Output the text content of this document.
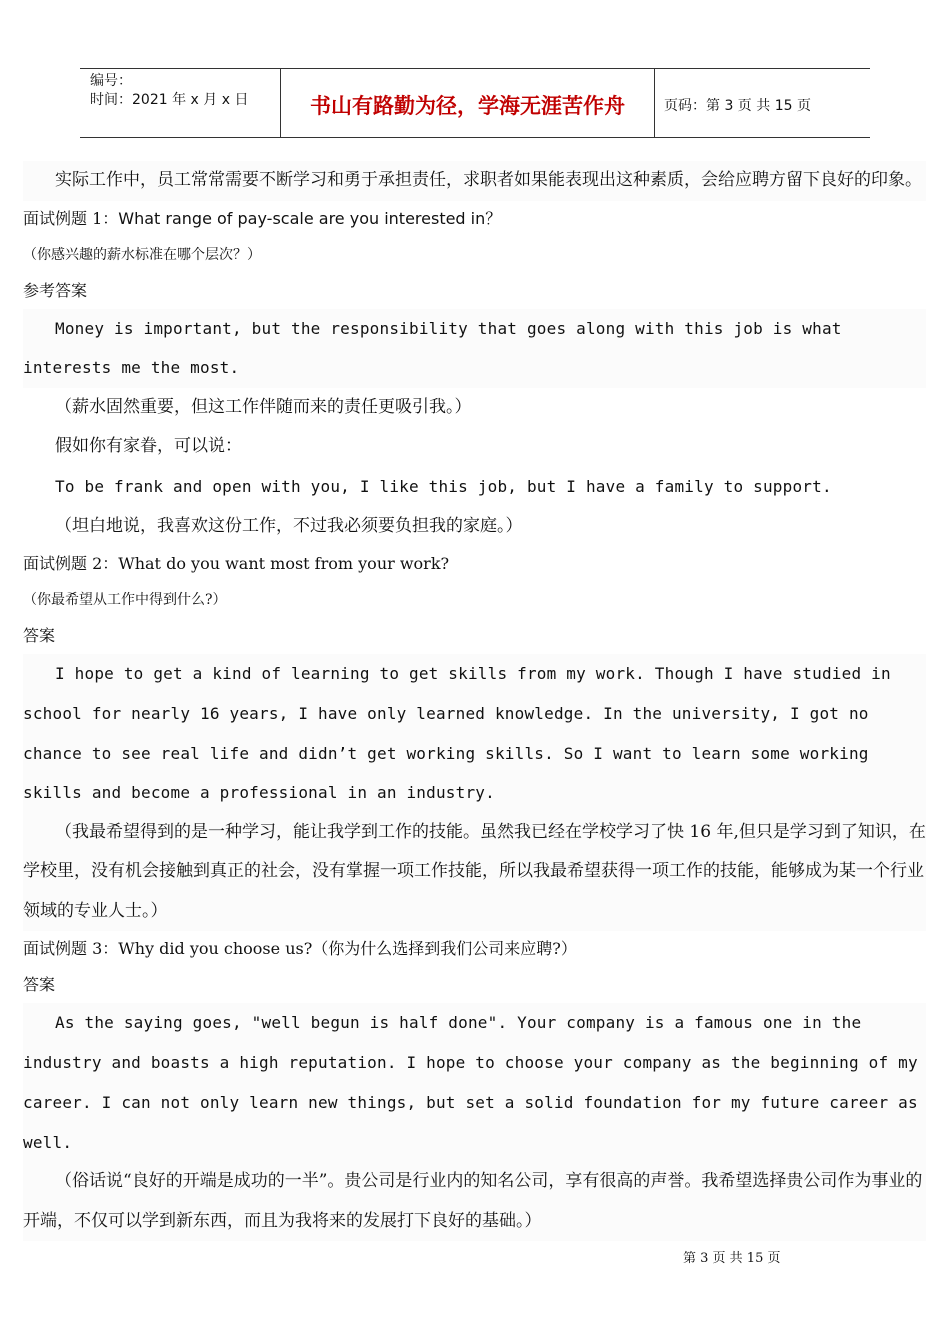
编号：
时间：2021 年 x 月 x 日	书山有路勤为径，学海无涯苦作舟	页码：第 3 页 共 15 页

实际工作中，员工常常需要不断学习和勇于承担责任，求职者如果能表现出这种素质，会给应聘方留下良好的印象。

面试例题 1：What range of pay-scale are you interested in？

（你感兴趣的薪水标准在哪个层次？）

参考答案

Money is important, but the responsibility that goes along with this job is what interests me the most.

（薪水固然重要，但这工作伴随而来的责任更吸引我。）

假如你有家眷，可以说：

To be frank and open with you, I like this job, but I have a family to support.

（坦白地说，我喜欢这份工作，不过我必须要负担我的家庭。）

面试例题 2：What do you want most from your work?

（你最希望从工作中得到什么?）

答案

I hope to get a kind of learning to get skills from my work. Though I have studied in school for nearly 16 years, I have only learned knowledge. In the university, I got no chance to see real life and didn’t get working skills. So I want to learn some working skills and become a professional in an industry.

（我最希望得到的是一种学习，能让我学到工作的技能。虽然我已经在学校学习了快 16 年,但只是学习到了知识，在学校里，没有机会接触到真正的社会，没有掌握一项工作技能，所以我最希望获得一项工作的技能，能够成为某一个行业领域的专业人士。）

面试例题 3：Why did you choose us?（你为什么选择到我们公司来应聘?）

答案

As the saying goes, "well begun is half done". Your company is a famous one in the industry and boasts a high reputation. I hope to choose your company as the beginning of my career. I can not only learn new things, but set a solid foundation for my future career as well.

（俗话说“良好的开端是成功的一半”。贵公司是行业内的知名公司，享有很高的声誉。我希望选择贵公司作为事业的开端，不仅可以学到新东西，而且为我将来的发展打下良好的基础。）

第 3 页 共 15 页
